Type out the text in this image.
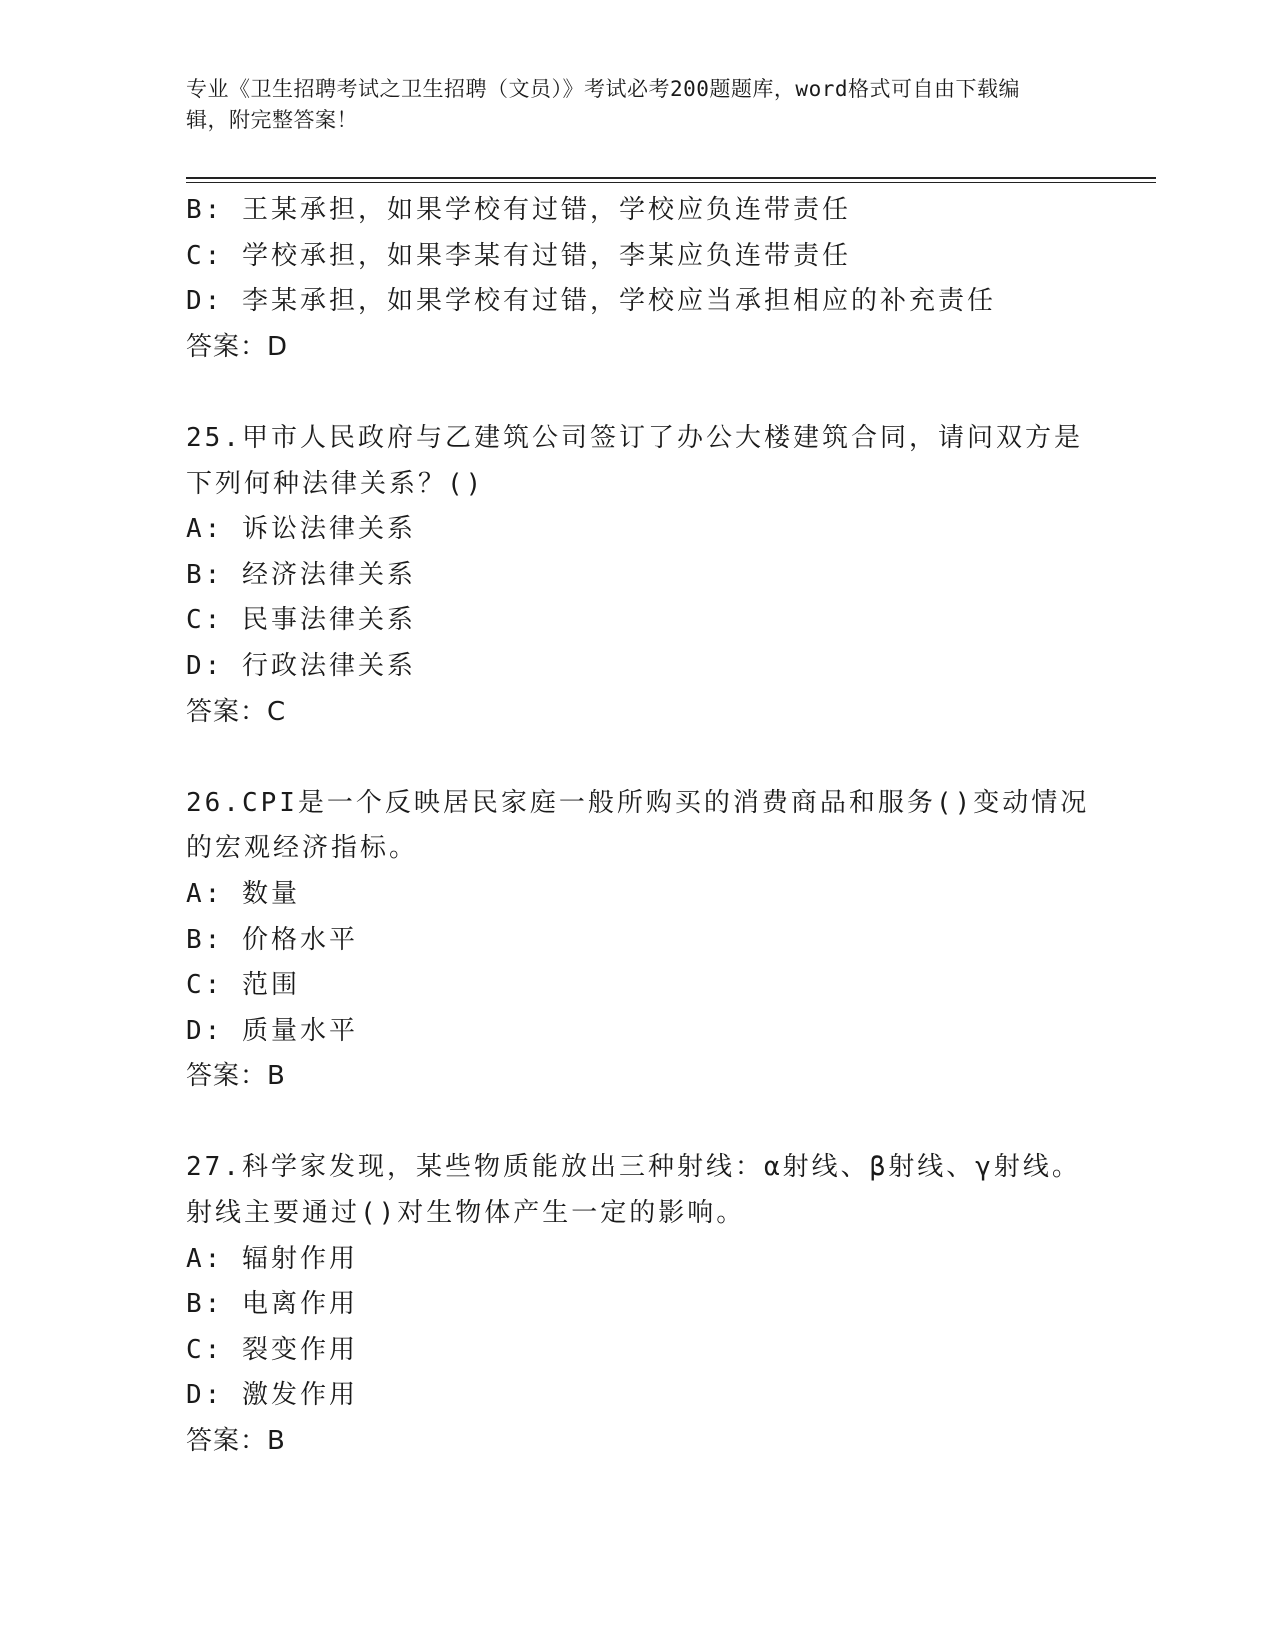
专业《卫生招聘考试之卫生招聘（文员）》考试必考200题题库，word格式可自由下载编辑，附完整答案！
B: 王某承担，如果学校有过错，学校应负连带责任
C: 学校承担，如果李某有过错，李某应负连带责任
D: 李某承担，如果学校有过错，学校应当承担相应的补充责任
答案：D
25.甲市人民政府与乙建筑公司签订了办公大楼建筑合同，请问双方是下列何种法律关系？()
A: 诉讼法律关系
B: 经济法律关系
C: 民事法律关系
D: 行政法律关系
答案：C
26.CPI是一个反映居民家庭一般所购买的消费商品和服务()变动情况的宏观经济指标。
A: 数量
B: 价格水平
C: 范围
D: 质量水平
答案：B
27.科学家发现，某些物质能放出三种射线：α射线、β射线、γ射线。射线主要通过()对生物体产生一定的影响。
A: 辐射作用
B: 电离作用
C: 裂变作用
D: 激发作用
答案：B
